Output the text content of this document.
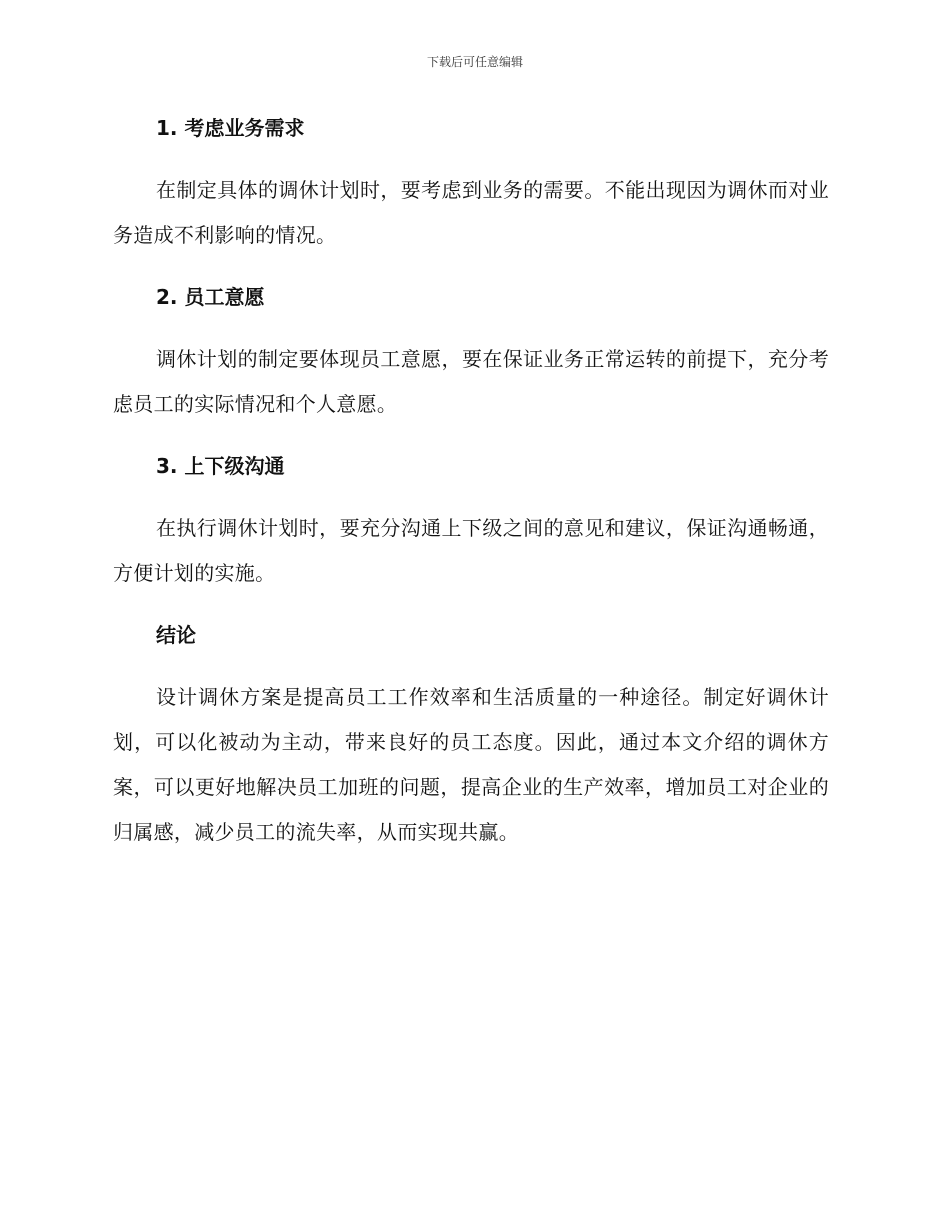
下载后可任意编辑
1. 考虑业务需求

在制定具体的调休计划时，要考虑到业务的需要。不能出现因为调休而对业务造成不利影响的情况。

2. 员工意愿

调休计划的制定要体现员工意愿，要在保证业务正常运转的前提下，充分考虑员工的实际情况和个人意愿。

3. 上下级沟通

在执行调休计划时，要充分沟通上下级之间的意见和建议，保证沟通畅通，方便计划的实施。

结论

设计调休方案是提高员工工作效率和生活质量的一种途径。制定好调休计划，可以化被动为主动，带来良好的员工态度。因此，通过本文介绍的调休方案，可以更好地解决员工加班的问题，提高企业的生产效率，增加员工对企业的归属感，减少员工的流失率，从而实现共赢。
